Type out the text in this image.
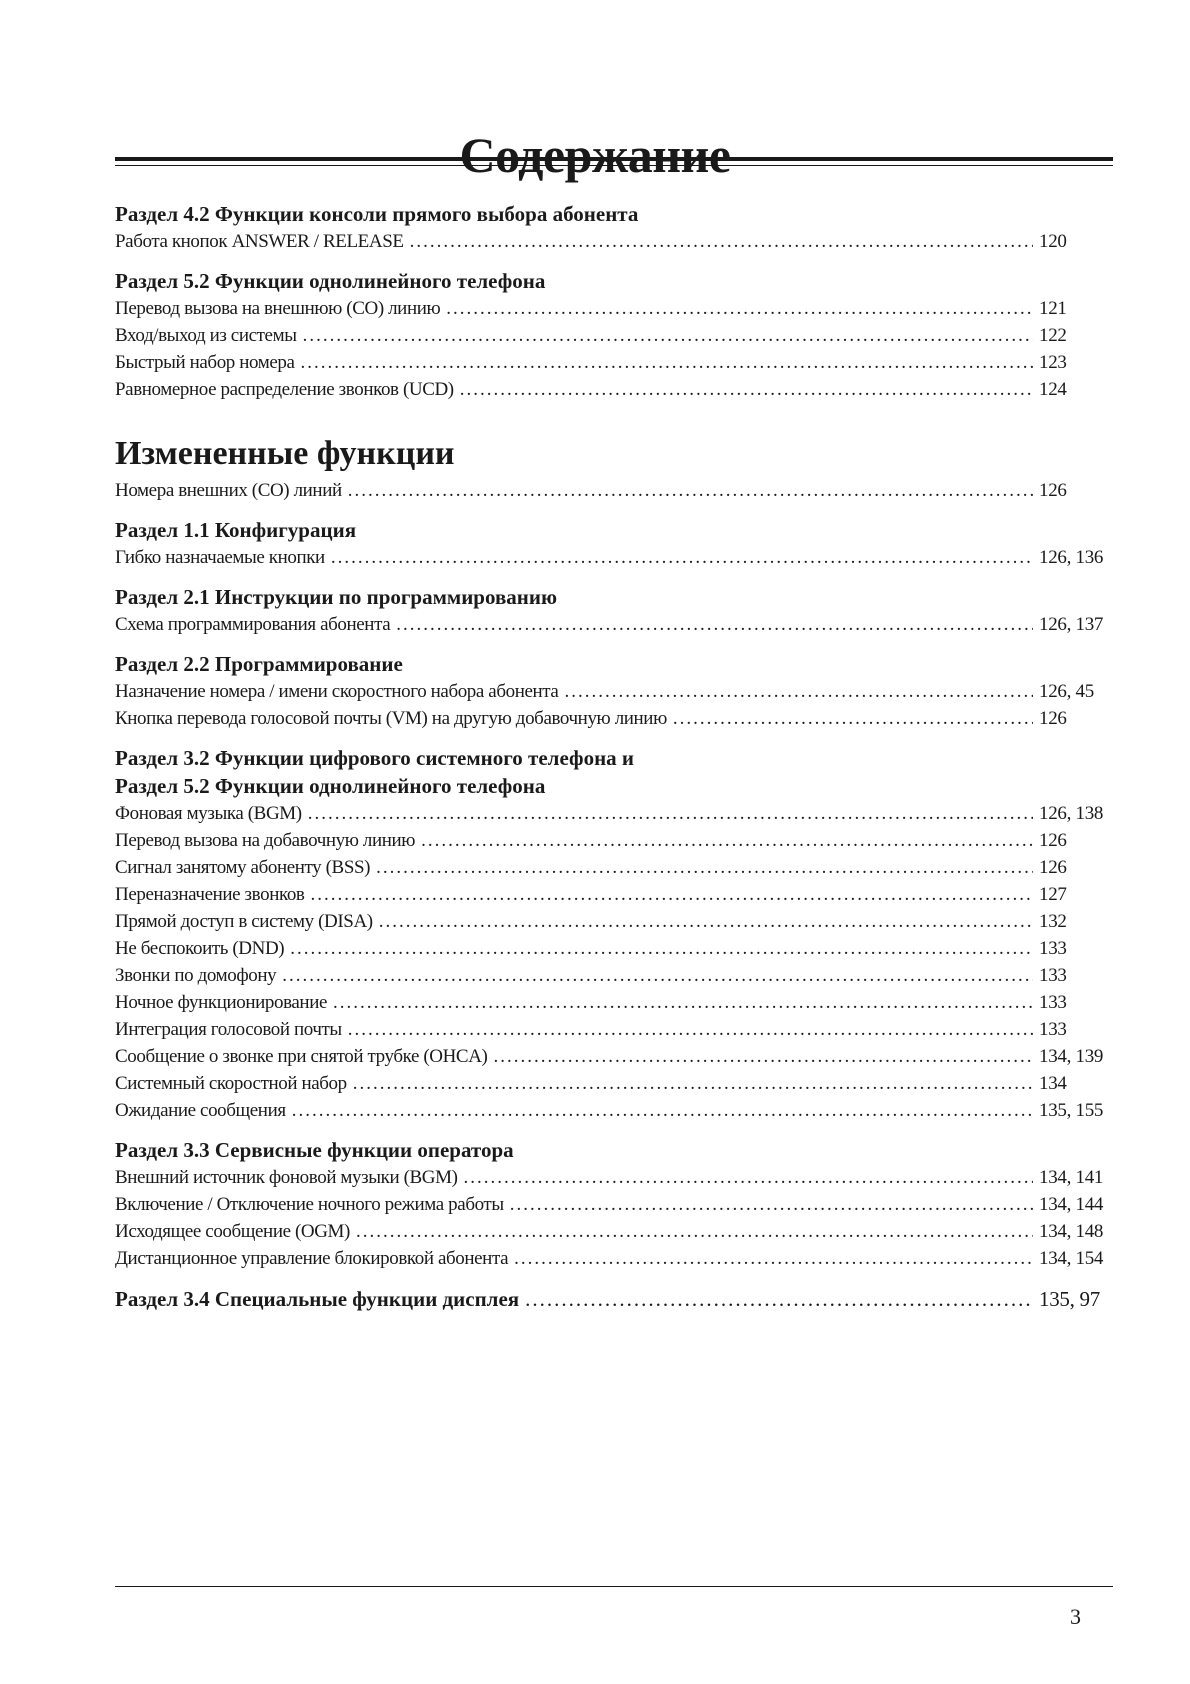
Содержание
Раздел 4.2 Функции консоли прямого выбора абонента
Работа кнопок ANSWER / RELEASE .....	120
Раздел 5.2 Функции однолинейного телефона
Перевод вызова на внешнюю (CO) линию .....	121
Вход/выход из системы .....	122
Быстрый набор номера .....	123
Равномерное распределение звонков (UCD) .....	124
Измененные функции
Номера внешних (CO) линий .....	126
Раздел 1.1 Конфигурация
Гибко назначаемые кнопки .....	126, 136
Раздел 2.1 Инструкции по программированию
Схема программирования абонента .....	126, 137
Раздел 2.2 Программирование
Назначение номера / имени скоростного набора абонента .....	126, 45
Кнопка перевода голосовой почты (VM) на другую добавочную линию .....	126
Раздел 3.2 Функции цифрового системного телефона и
Раздел 5.2 Функции однолинейного телефона
Фоновая музыка (BGM) .....	126, 138
Перевод вызова на добавочную линию .....	126
Сигнал занятому абоненту (BSS) .....	126
Переназначение звонков .....	127
Прямой доступ в систему (DISA) .....	132
Не беспокоить (DND) .....	133
Звонки по домофону .....	133
Ночное функционирование .....	133
Интеграция голосовой почты .....	133
Сообщение о звонке при снятой трубке (OHCA) .....	134, 139
Системный скоростной набор .....	134
Ожидание сообщения .....	135, 155
Раздел 3.3 Сервисные функции оператора
Внешний источник фоновой музыки (BGM) .....	134, 141
Включение / Отключение ночного режима работы .....	134, 144
Исходящее сообщение (OGM) .....	134, 148
Дистанционное управление блокировкой абонента .....	134, 154
Раздел 3.4 Специальные функции дисплея .....	135, 97
3
